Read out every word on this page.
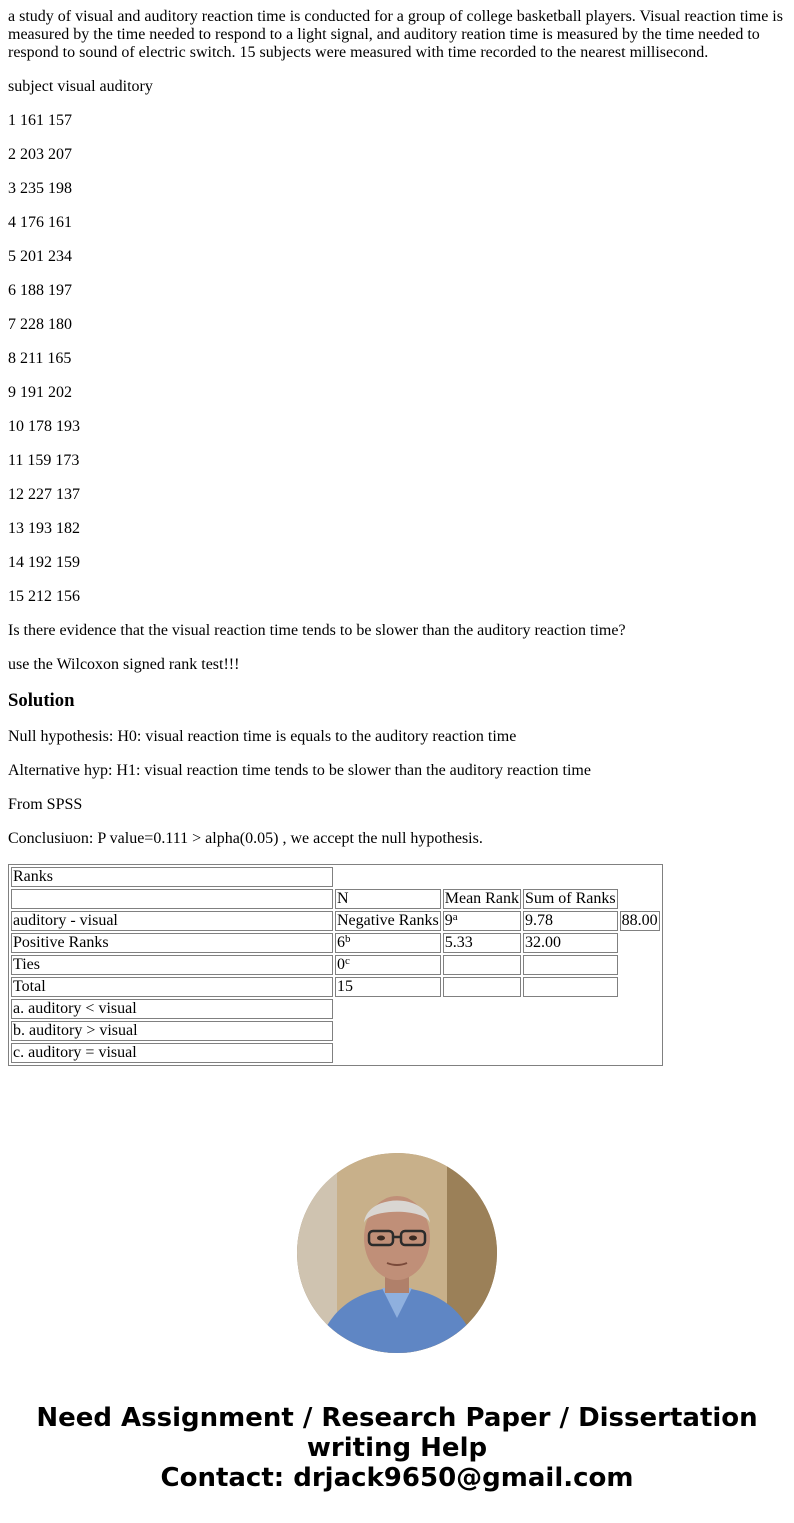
a study of visual and auditory reaction time is conducted for a group of college basketball players. Visual reaction time is measured by the time needed to respond to a light signal, and auditory reation time is measured by the time needed to respond to sound of electric switch. 15 subjects were measured with time recorded to the nearest millisecond.

subject visual auditory

1 161 157

2 203 207

3 235 198

4 176 161

5 201 234

6 188 197

7 228 180

8 211 165

9 191 202

10 178 193

11 159 173

12 227 137

13 193 182

14 192 159

15 212 156

Is there evidence that the visual reaction time tends to be slower than the auditory reaction time?

use the Wilcoxon signed rank test!!!

Solution

Null hypothesis: H0: visual reaction time is equals to the auditory reaction time

Alternative hyp: H1: visual reaction time tends to be slower than the auditory reaction time

From SPSS

Conclusiuon: P value=0.111 > alpha(0.05) , we accept the null hypothesis.

Ranks				
	N	Mean Rank	Sum of Ranks	
auditory - visual	Negative Ranks	9$^a$	9.78	88.00
Positive Ranks	6$^b$	5.33	32.00	
Ties	0$^c$			
Total	15			
a. auditory < visual				
b. auditory > visual				
c. auditory = visual				
Need Assignment / Research Paper / Dissertation
writing Help
Contact: drjack9650@gmail.com
